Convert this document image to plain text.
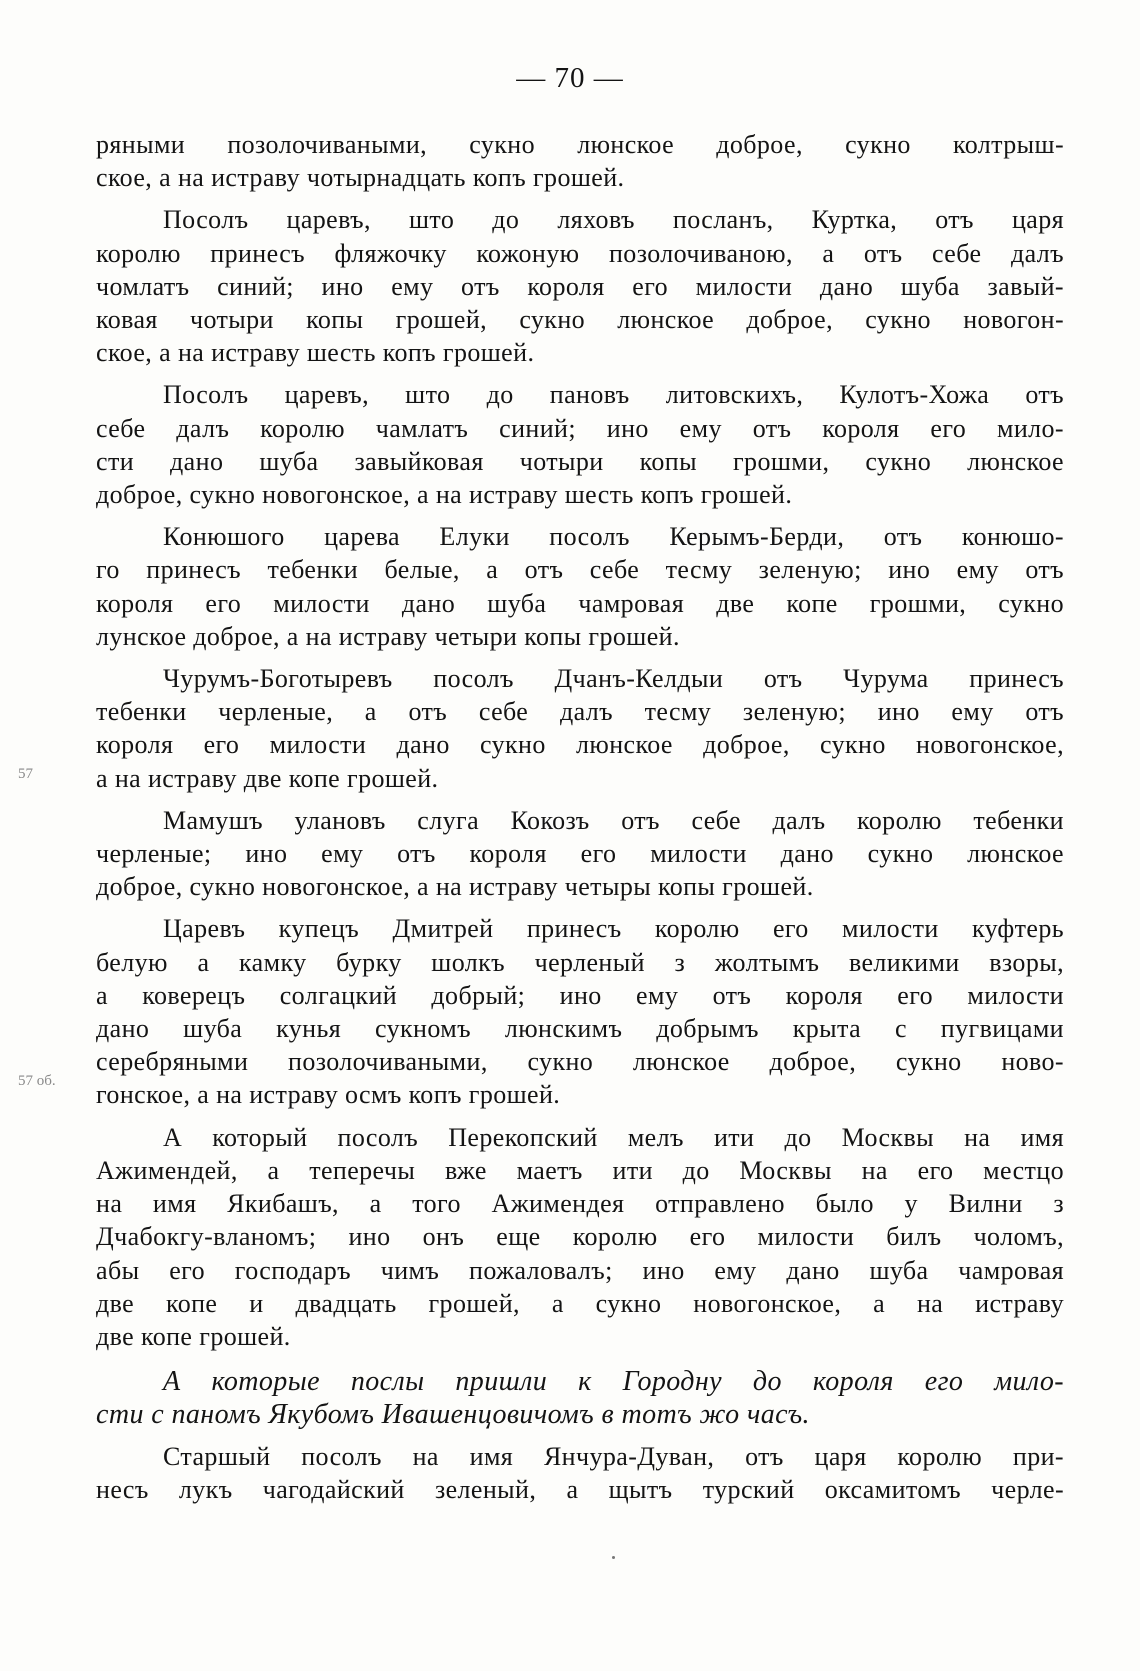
— 70 —
57
57 об.
ряными позолочиваными, сукно люнское доброе, сукно колтрыш-
ское, а на истраву чотырнадцать копъ грошей.
Посолъ царевъ, што до ляховъ посланъ, Куртка, отъ царя
королю принесъ фляжочку кожоную позолочиваною, а отъ себе далъ
чомлатъ синий; ино ему отъ короля его милости дано шуба завый-
ковая чотыри копы грошей, сукно люнское доброе, сукно новогон-
ское, а на истраву шесть копъ грошей.
Посолъ царевъ, што до пановъ литовскихъ, Кулотъ-Хожа отъ
себе далъ королю чамлатъ синий; ино ему отъ короля его мило-
сти дано шуба завыйковая чотыри копы грошми, сукно люнское
доброе, сукно новогонское, а на истраву шесть копъ грошей.
Конюшого царева Елуки посолъ Керымъ-Берди, отъ конюшо-
го принесъ тебенки белые, а отъ себе тесму зеленую; ино ему отъ
короля его милости дано шуба чамровая две копе грошми, сукно
лунское доброе, а на истраву четыри копы грошей.
Чурумъ-Боготыревъ посолъ Дчанъ-Келдыи отъ Чурума принесъ
тебенки черленые, а отъ себе далъ тесму зеленую; ино ему отъ
короля его милости дано сукно люнское доброе, сукно новогонское,
а на истраву две копе грошей.
Мамушъ улановъ слуга Кокозъ отъ себе далъ королю тебенки
черленые; ино ему отъ короля его милости дано сукно люнское
доброе, сукно новогонское, а на истраву четыры копы грошей.
Царевъ купецъ Дмитрей принесъ королю его милости куфтерь
белую а камку бурку шолкъ черленый з жолтымъ великими взоры,
а коверецъ солгацкий добрый; ино ему отъ короля его милости
дано шуба кунья сукномъ люнскимъ добрымъ крыта с пугвицами
серебряными позолочиваными, сукно люнское доброе, сукно ново-
гонское, а на истраву осмъ копъ грошей.
А который посолъ Перекопский мелъ ити до Москвы на имя
Ажимендей, а теперечы вже маетъ ити до Москвы на его местцо
на имя Якибашъ, а того Ажимендея отправлено было у Вилни з
Дчабокгу-вланомъ; ино онъ еще королю его милости билъ чоломъ,
абы его господаръ чимъ пожаловалъ; ино ему дано шуба чамровая
две копе и двадцать грошей, а сукно новогонское, а на истраву
две копе грошей.
А которые послы пришли к Городну до короля его мило-
сти с паномъ Якубомъ Ивашенцовичомъ в тотъ жо часъ.
Старшый посолъ на имя Янчура-Дуван, отъ царя королю при-
несъ лукъ чагодайский зеленый, а щытъ турский оксамитомъ черле-
